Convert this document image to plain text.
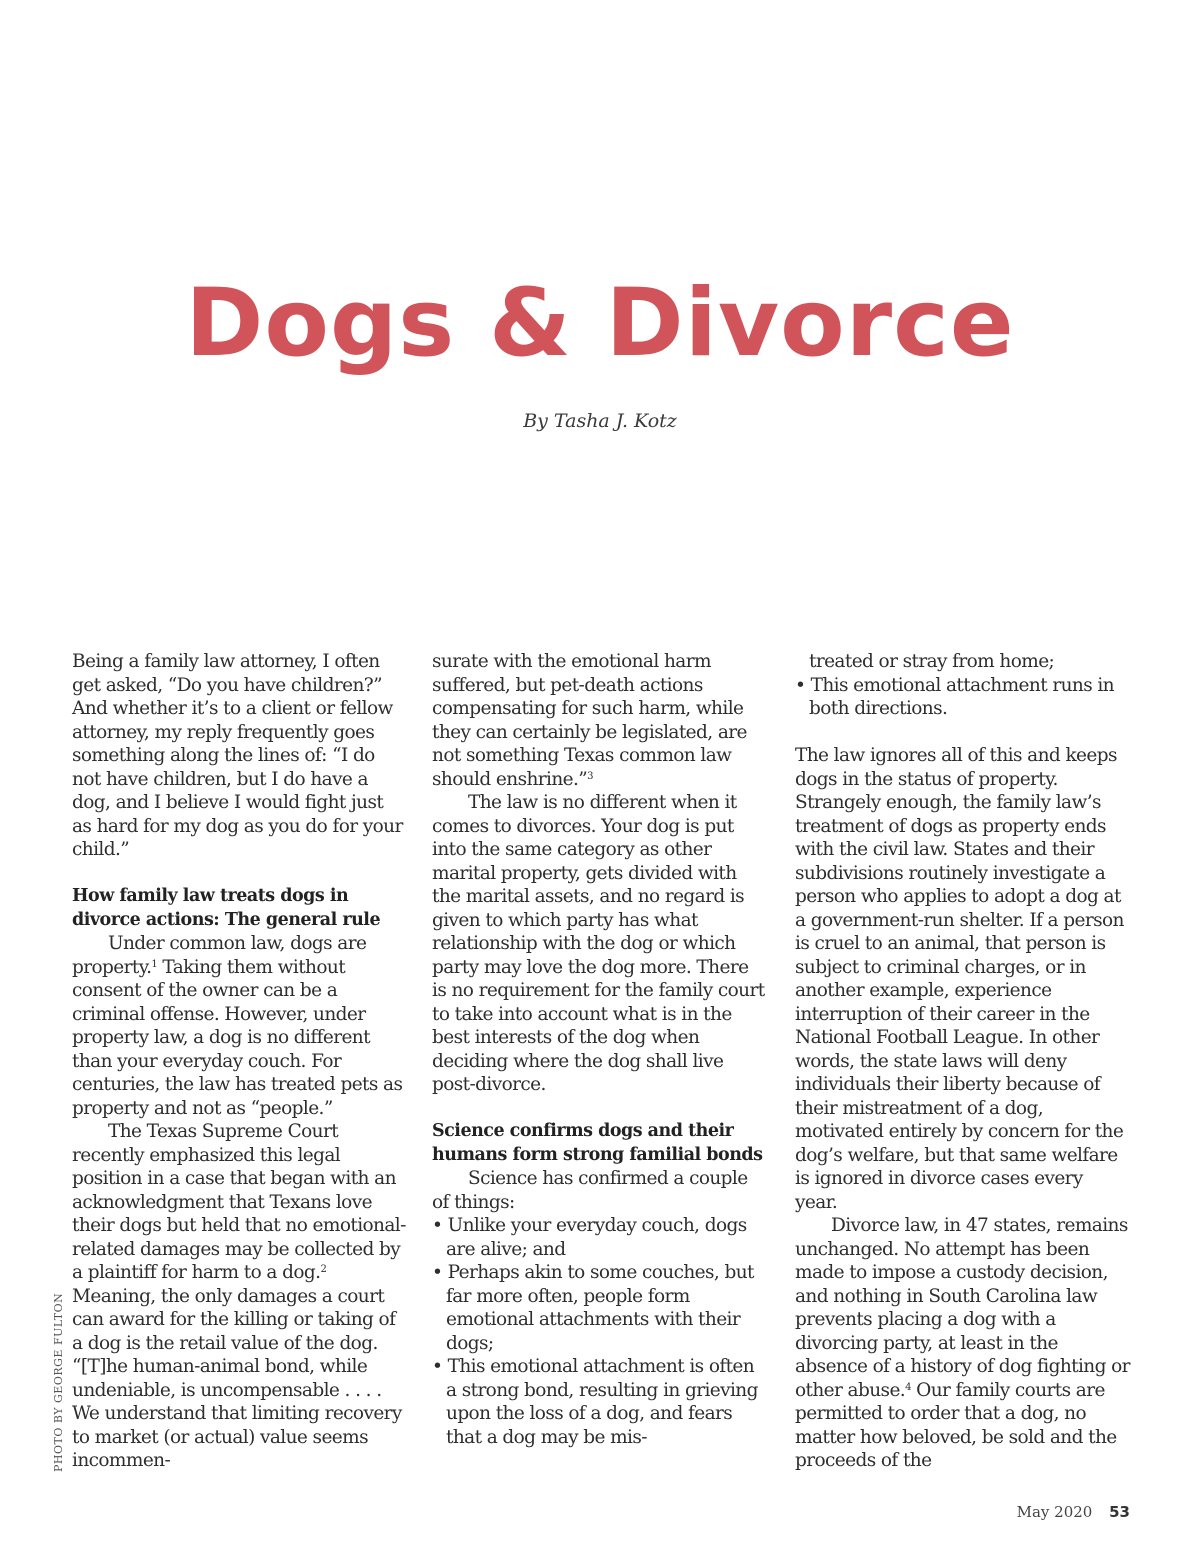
Dogs & Divorce
By Tasha J. Kotz

Being a family law attorney, I often get asked, “Do you have children?” And whether it’s to a client or fellow attorney, my reply frequently goes something along the lines of: “I do not have children, but I do have a dog, and I believe I would fight just as hard for my dog as you do for your child.”

How family law treats dogs in divorce actions: The general rule

Under common law, dogs are property.$^1$ Taking them without consent of the owner can be a criminal offense. However, under property law, a dog is no different than your everyday couch. For centuries, the law has treated pets as property and not as “people.”

The Texas Supreme Court recently emphasized this legal position in a case that began with an acknowledgment that Texans love their dogs but held that no emotional-related damages may be collected by a plaintiff for harm to a dog.$^2$ Meaning, the only damages a court can award for the killing or taking of a dog is the retail value of the dog. “[T]he human-animal bond, while undeniable, is uncompensable . . . . We understand that limiting recovery to market (or actual) value seems incommen-

surate with the emotional harm suffered, but pet-death actions compensating for such harm, while they can certainly be legislated, are not something Texas common law should enshrine.”$^3$

The law is no different when it comes to divorces. Your dog is put into the same category as other marital property, gets divided with the marital assets, and no regard is given to which party has what relationship with the dog or which party may love the dog more. There is no requirement for the family court to take into account what is in the best interests of the dog when deciding where the dog shall live post-divorce.

Science confirms dogs and their humans form strong familial bonds

Science has confirmed a couple of things:

• Unlike your everyday couch, dogs are alive; and
• Perhaps akin to some couches, but far more often, people form emotional attachments with their dogs;
• This emotional attachment is often a strong bond, resulting in grieving upon the loss of a dog, and fears that a dog may be mis-

treated or stray from home;

• This emotional attachment runs in both directions.

The law ignores all of this and keeps dogs in the status of property. Strangely enough, the family law’s treatment of dogs as property ends with the civil law. States and their subdivisions routinely investigate a person who applies to adopt a dog at a government-run shelter. If a person is cruel to an animal, that person is subject to criminal charges, or in another example, experience interruption of their career in the National Football League. In other words, the state laws will deny individuals their liberty because of their mistreatment of a dog, motivated entirely by concern for the dog’s welfare, but that same welfare is ignored in divorce cases every year.

Divorce law, in 47 states, remains unchanged. No attempt has been made to impose a custody decision, and nothing in South Carolina law prevents placing a dog with a divorcing party, at least in the absence of a history of dog fighting or other abuse.$^4$ Our family courts are permitted to order that a dog, no matter how beloved, be sold and the proceeds of the

PHOTO BY GEORGE FULTON
May 2020 53
